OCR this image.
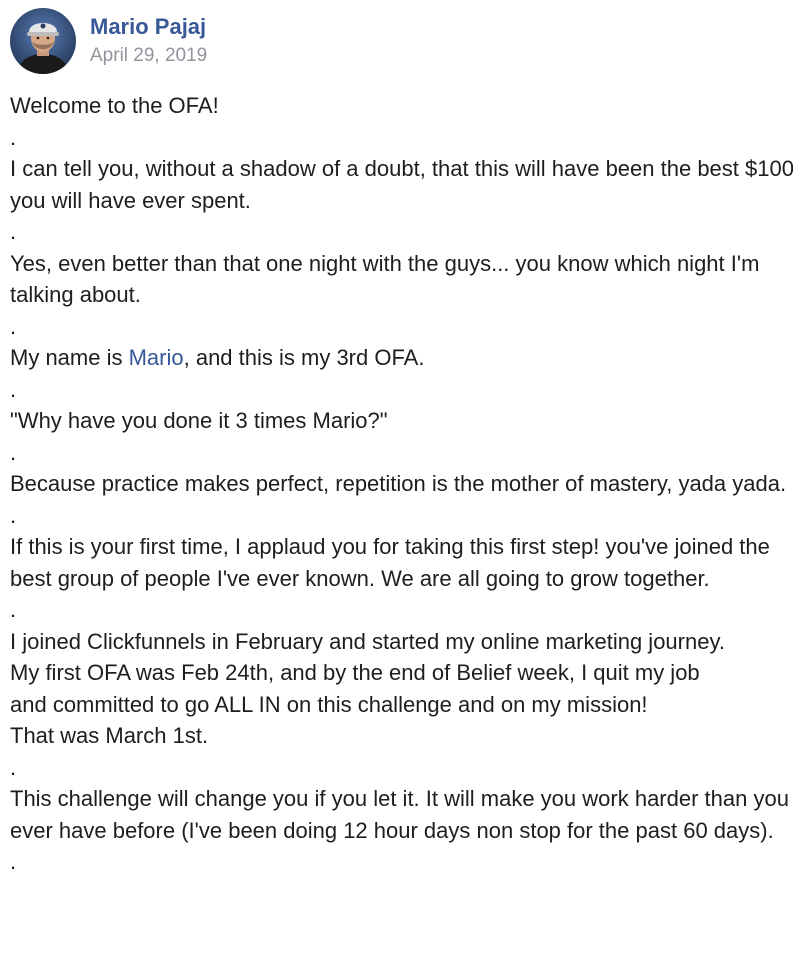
Mario Pajaj
April 29, 2019

Welcome to the OFA!

.

I can tell you, without a shadow of a doubt, that this will have been the best $100 you will have ever spent.

.

Yes, even better than that one night with the guys... you know which night I'm talking about.

.

My name is Mario, and this is my 3rd OFA.

.

"Why have you done it 3 times Mario?"

.

Because practice makes perfect, repetition is the mother of mastery, yada yada.

.

If this is your first time, I applaud you for taking this first step! you've joined the best group of people I've ever known. We are all going to grow together.

.

I joined Clickfunnels in February and started my online marketing journey.

My first OFA was Feb 24th, and by the end of Belief week, I quit my job

and committed to go ALL IN on this challenge and on my mission!

That was March 1st.

.

This challenge will change you if you let it. It will make you work harder than you ever have before (I've been doing 12 hour days non stop for the past 60 days).

.
